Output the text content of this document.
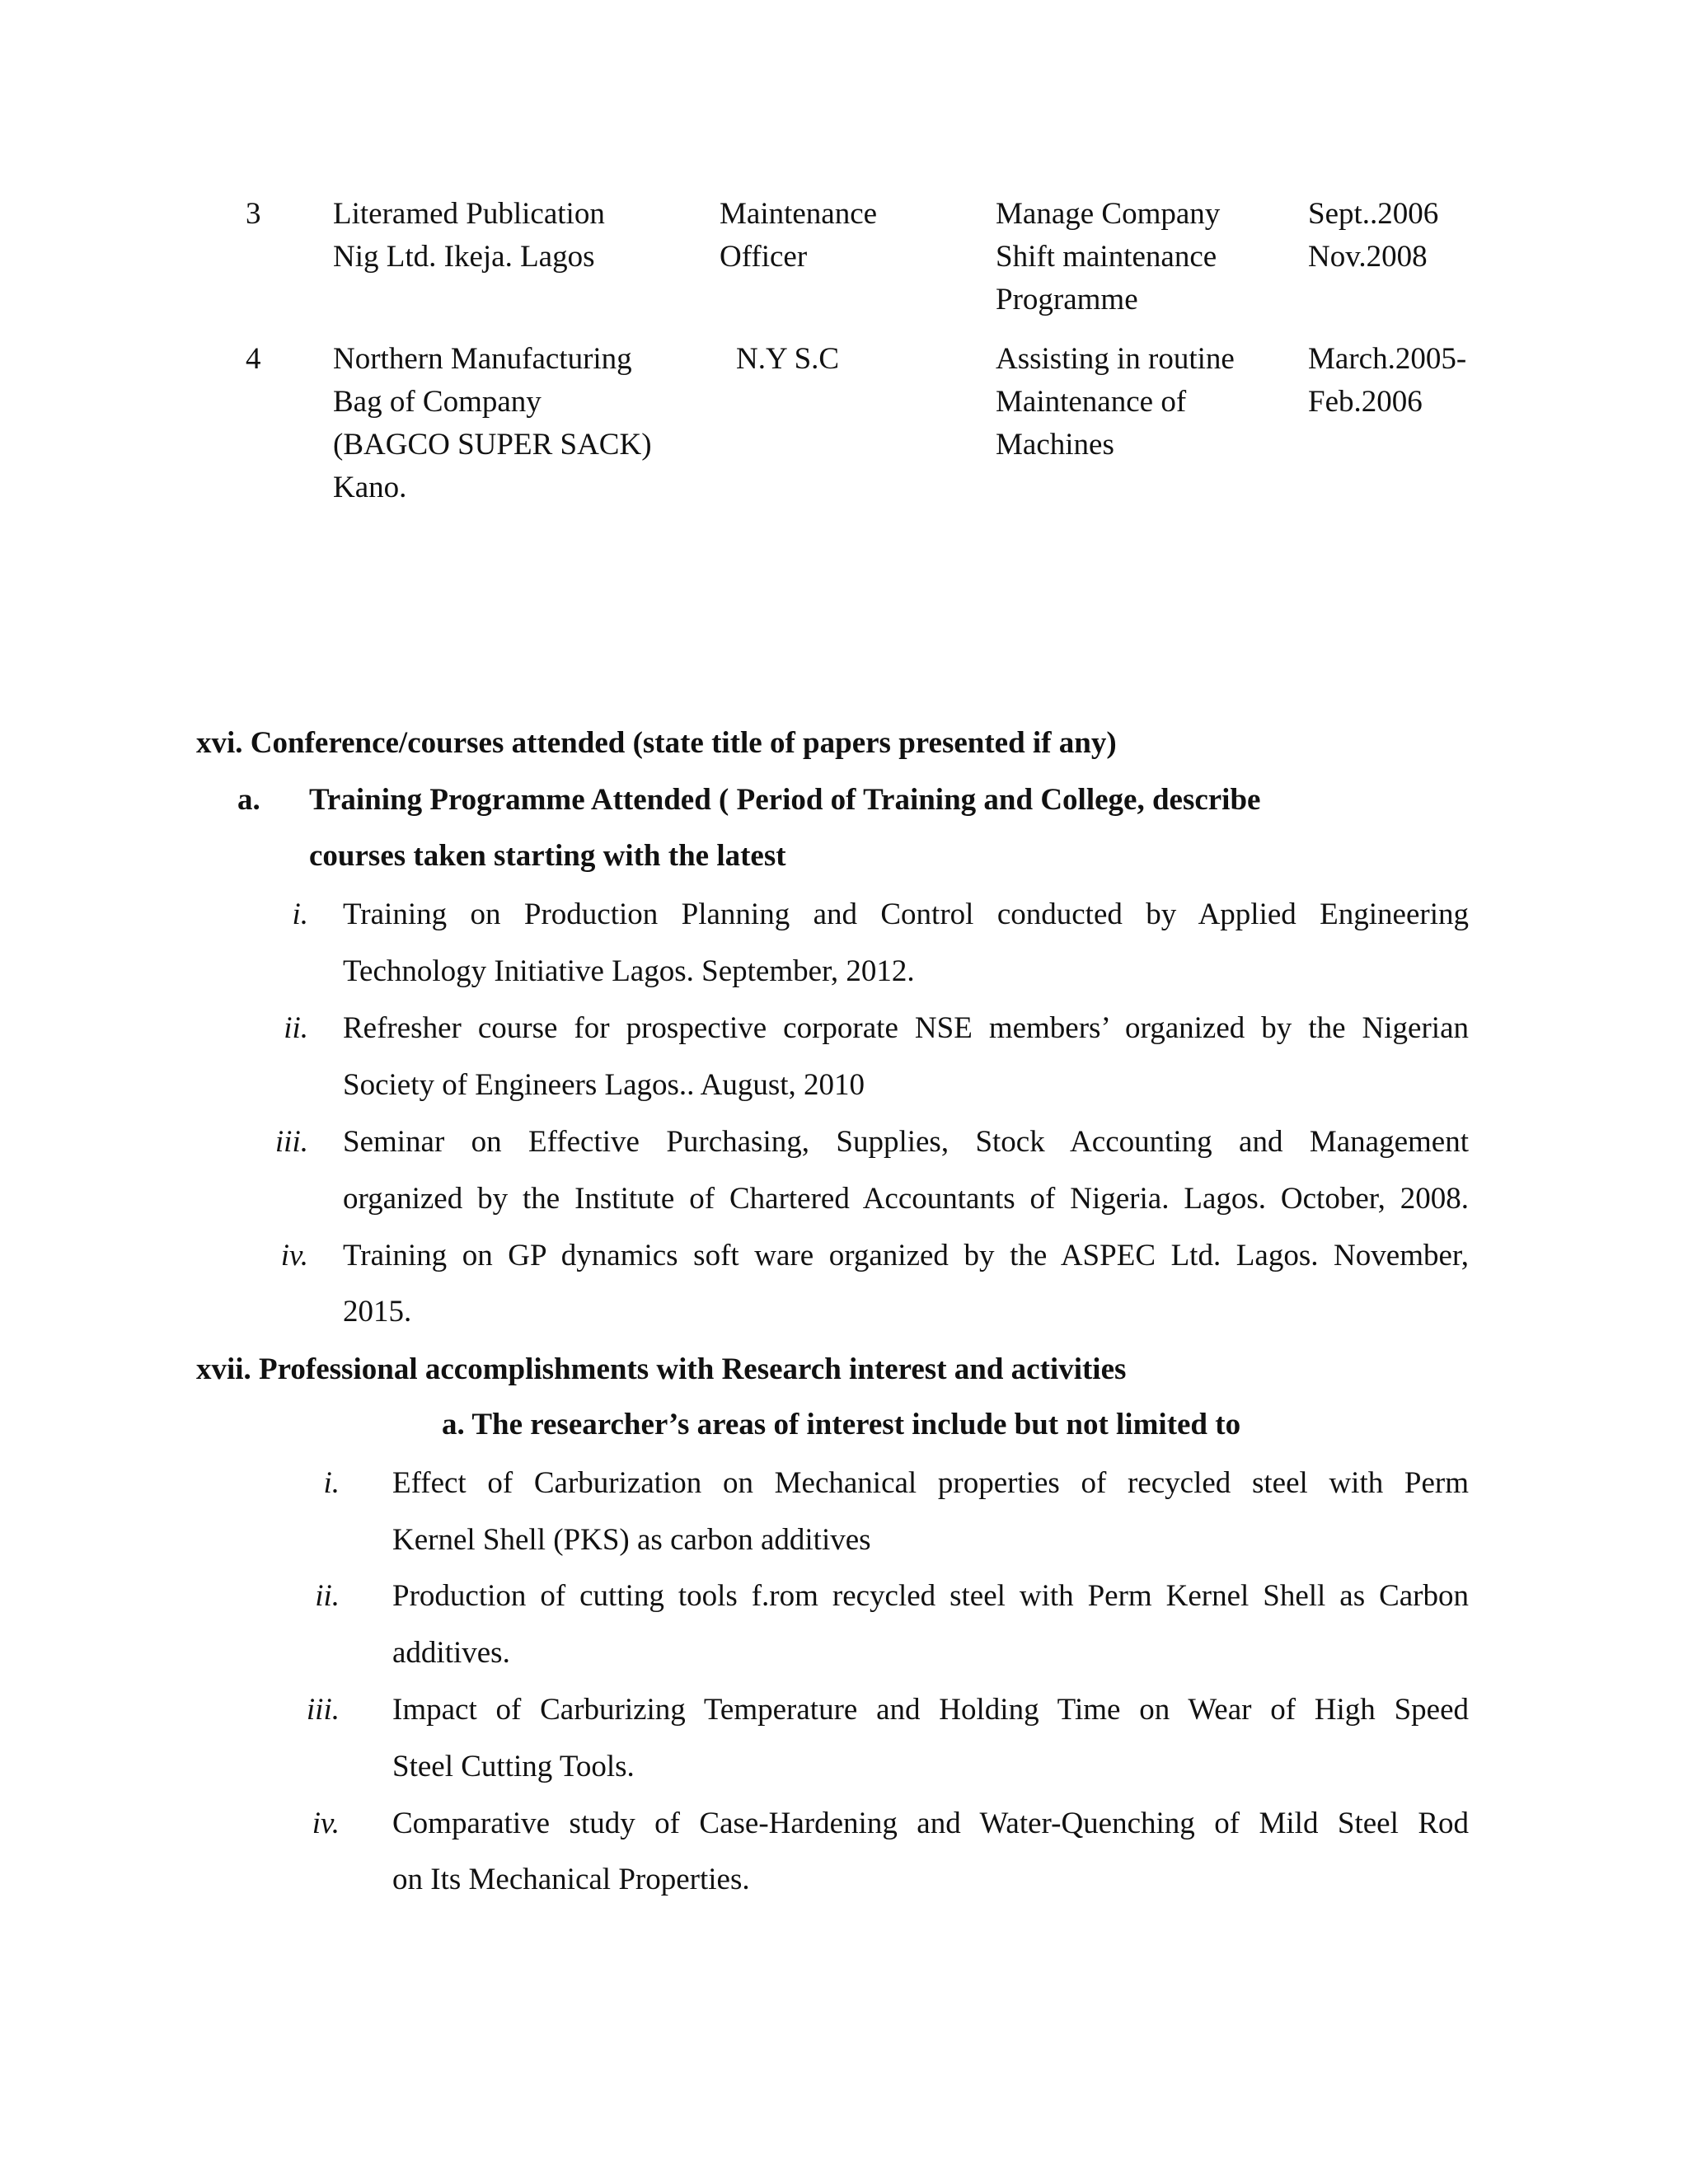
3 Literamed Publication
Nig Ltd. Ikeja. Lagos
Maintenance
Officer
Manage Company
Shift maintenance
Programme
Sept..2006
Nov.2008
4 Northern Manufacturing
Bag of Company
(BAGCO SUPER SACK)
Kano.
N.Y S.C	Assisting in routine
Maintenance of
Machines
March.2005-
Feb.2006
xvi. Conference/courses attended (state title of papers presented if any)
a. Training Programme Attended ( Period of Training and College, describe
courses taken starting with the latest
i. Training on Production Planning and Control conducted by Applied Engineering
Technology Initiative Lagos. September, 2012.
ii. Refresher course for prospective corporate NSE members’ organized by the Nigerian
Society of Engineers Lagos.. August, 2010
iii. Seminar on Effective Purchasing, Supplies, Stock Accounting and Management
organized by the Institute of Chartered Accountants of Nigeria. Lagos. October, 2008.
iv. Training on GP dynamics soft ware organized by the ASPEC Ltd. Lagos. November,
2015.
xvii. Professional accomplishments with Research interest and activities
a. The researcher’s areas of interest include but not limited to
i. Effect of Carburization on Mechanical properties of recycled steel with Perm
Kernel Shell (PKS) as carbon additives
ii. Production of cutting tools f.rom recycled steel with Perm Kernel Shell as Carbon
additives.
iii. Impact of Carburizing Temperature and Holding Time on Wear of High Speed
Steel Cutting Tools.
iv. Comparative study of Case-Hardening and Water-Quenching of Mild Steel Rod
on Its Mechanical Properties.
